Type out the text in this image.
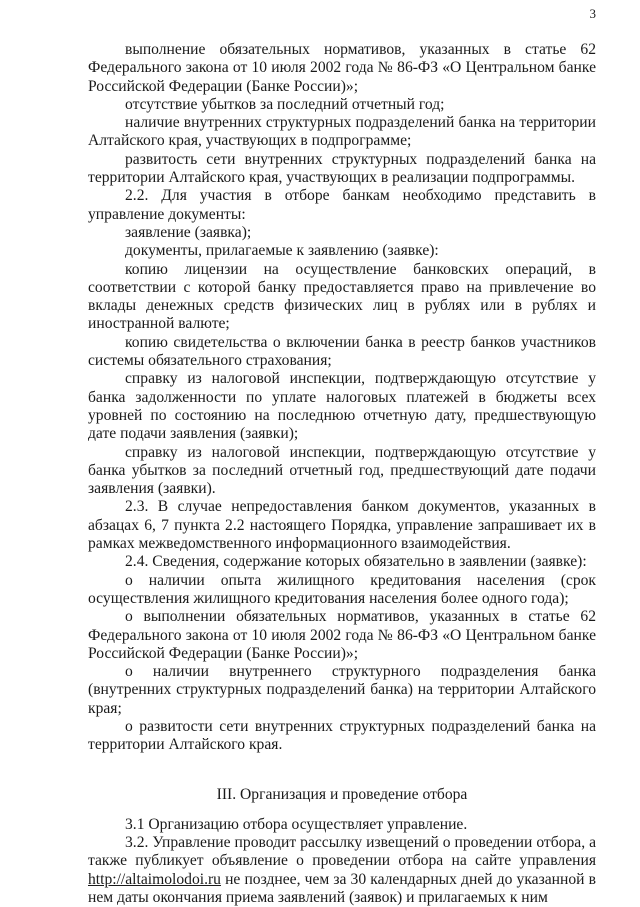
3

выполнение обязательных нормативов, указанных в статье 62 Федерального закона от 10 июля 2002 года № 86-ФЗ «О Центральном банке Российской Федерации (Банке России)»;

отсутствие убытков за последний отчетный год;

наличие внутренних структурных подразделений банка на территории Алтайского края, участвующих в подпрограмме;

развитость сети внутренних структурных подразделений банка на территории Алтайского края, участвующих в реализации подпрограммы.

2.2. Для участия в отборе банкам необходимо представить в управление документы:

заявление (заявка);

документы, прилагаемые к заявлению (заявке):

копию лицензии на осуществление банковских операций, в соответствии с которой банку предоставляется право на привлечение во вклады денежных средств физических лиц в рублях или в рублях и иностранной валюте;

копию свидетельства о включении банка в реестр банков участников системы обязательного страхования;

справку из налоговой инспекции, подтверждающую отсутствие у банка задолженности по уплате налоговых платежей в бюджеты всех уровней по состоянию на последнюю отчетную дату, предшествующую дате подачи заявления (заявки);

справку из налоговой инспекции, подтверждающую отсутствие у банка убытков за последний отчетный год, предшествующий дате подачи заявления (заявки).

2.3. В случае непредоставления банком документов, указанных в абзацах 6, 7 пункта 2.2 настоящего Порядка, управление запрашивает их в рамках межведомственного информационного взаимодействия.

2.4. Сведения, содержание которых обязательно в заявлении (заявке):

о наличии опыта жилищного кредитования населения (срок осуществления жилищного кредитования населения более одного года);

о выполнении обязательных нормативов, указанных в статье 62 Федерального закона от 10 июля 2002 года № 86-ФЗ «О Центральном банке Российской Федерации (Банке России)»;

о наличии внутреннего структурного подразделения банка (внутренних структурных подразделений банка) на территории Алтайского края;

о развитости сети внутренних структурных подразделений банка на территории Алтайского края.

III. Организация и проведение отбора

3.1 Организацию отбора осуществляет управление.

3.2. Управление проводит рассылку извещений о проведении отбора, а также публикует объявление о проведении отбора на сайте управления http://altaimolodoi.ru не позднее, чем за 30 календарных дней до указанной в нем даты окончания приема заявлений (заявок) и прилагаемых к ним
